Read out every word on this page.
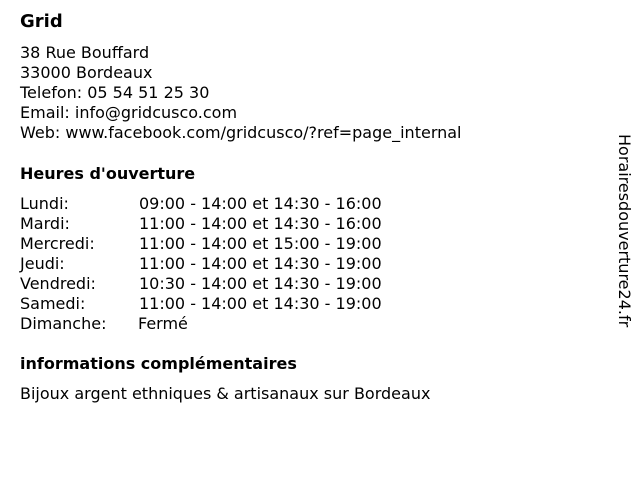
Grid
38 Rue Bouffard
33000 Bordeaux
Telefon: 05 54 51 25 30
Email: info@gridcusco.com
Web: www.facebook.com/gridcusco/?ref=page_internal
Heures d'ouverture
Lundi:	09:00 - 14:00 et 14:30 - 16:00
Mardi:	11:00 - 14:00 et 14:30 - 16:00
Mercredi:	11:00 - 14:00 et 15:00 - 19:00
Jeudi:	11:00 - 14:00 et 14:30 - 19:00
Vendredi:	10:30 - 14:00 et 14:30 - 19:00
Samedi:	11:00 - 14:00 et 14:30 - 19:00
Dimanche: Fermé
informations complémentaires
Bijoux argent ethniques & artisanaux sur Bordeaux
Horairesdouverture24.fr
